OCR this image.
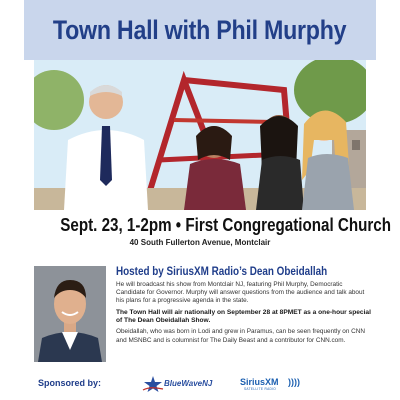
Town Hall with Phil Murphy
Sept. 23, 1-2pm • First Congregational Church
40 South Fullerton Avenue, Montclair
Hosted by SiriusXM Radio’s Dean Obeidallah

He will broadcast his show from Montclair NJ, featuring Phil Murphy, Democratic Candidate for Governor. Murphy will answer questions from the audience and talk about his plans for a progressive agenda in the state.

The Town Hall will air nationally on September 28 at 8PMET as a one-hour special of The Dean Obeidallah Show.

Obeidallah, who was born in Lodi and grew in Paramus, can be seen frequently on CNN and MSNBC and is columnist for The Daily Beast and a contributor for CNN.com.

Sponsored by:	BlueWaveNJ	SiriusXM ))))
SATELLITE RADIO
